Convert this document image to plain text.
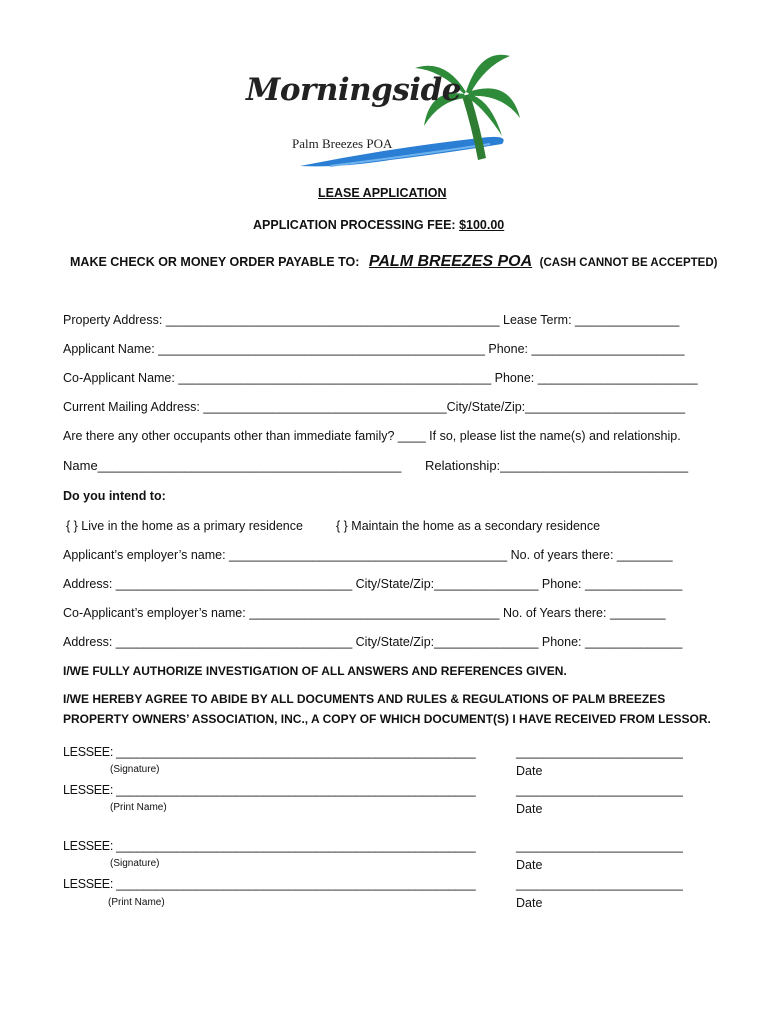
Morningside
Palm Breezes POA
LEASE APPLICATION
APPLICATION PROCESSING FEE: $100.00
MAKE CHECK OR MONEY ORDER PAYABLE TO: PALM BREEZES POA (CASH CANNOT BE ACCEPTED)
Property Address: ________________________________________________ Lease Term: _______________
Applicant Name: _______________________________________________ Phone: ______________________
Co-Applicant Name: _____________________________________________ Phone: _______________________
Current Mailing Address: ___________________________________City/State/Zip:_______________________
Are there any other occupants other than immediate family? ____ If so, please list the name(s) and relationship.
Name__________________________________________ Relationship:__________________________
Do you intend to:
{ } Live in the home as a primary residence	{ } Maintain the home as a secondary residence
Applicant’s employer’s name: ________________________________________ No. of years there: ________
Address: __________________________________ City/State/Zip:_______________ Phone: ______________
Co-Applicant’s employer’s name: ____________________________________ No. of Years there: ________
Address: __________________________________ City/State/Zip:_______________ Phone: ______________
I/WE FULLY AUTHORIZE INVESTIGATION OF ALL ANSWERS AND REFERENCES GIVEN.
I/WE HEREBY AGREE TO ABIDE BY ALL DOCUMENTS AND RULES & REGULATIONS OF PALM BREEZES
PROPERTY OWNERS’ ASSOCIATION, INC., A COPY OF WHICH DOCUMENT(S) I HAVE RECEIVED FROM LESSOR.
LESSEE: ______________________________________________________
(Signature)
________________________
Date
LESSEE: ______________________________________________________
(Print Name)
________________________
Date
LESSEE: ______________________________________________________
(Signature)
________________________
Date
LESSEE: ______________________________________________________
(Print Name)
________________________
Date
